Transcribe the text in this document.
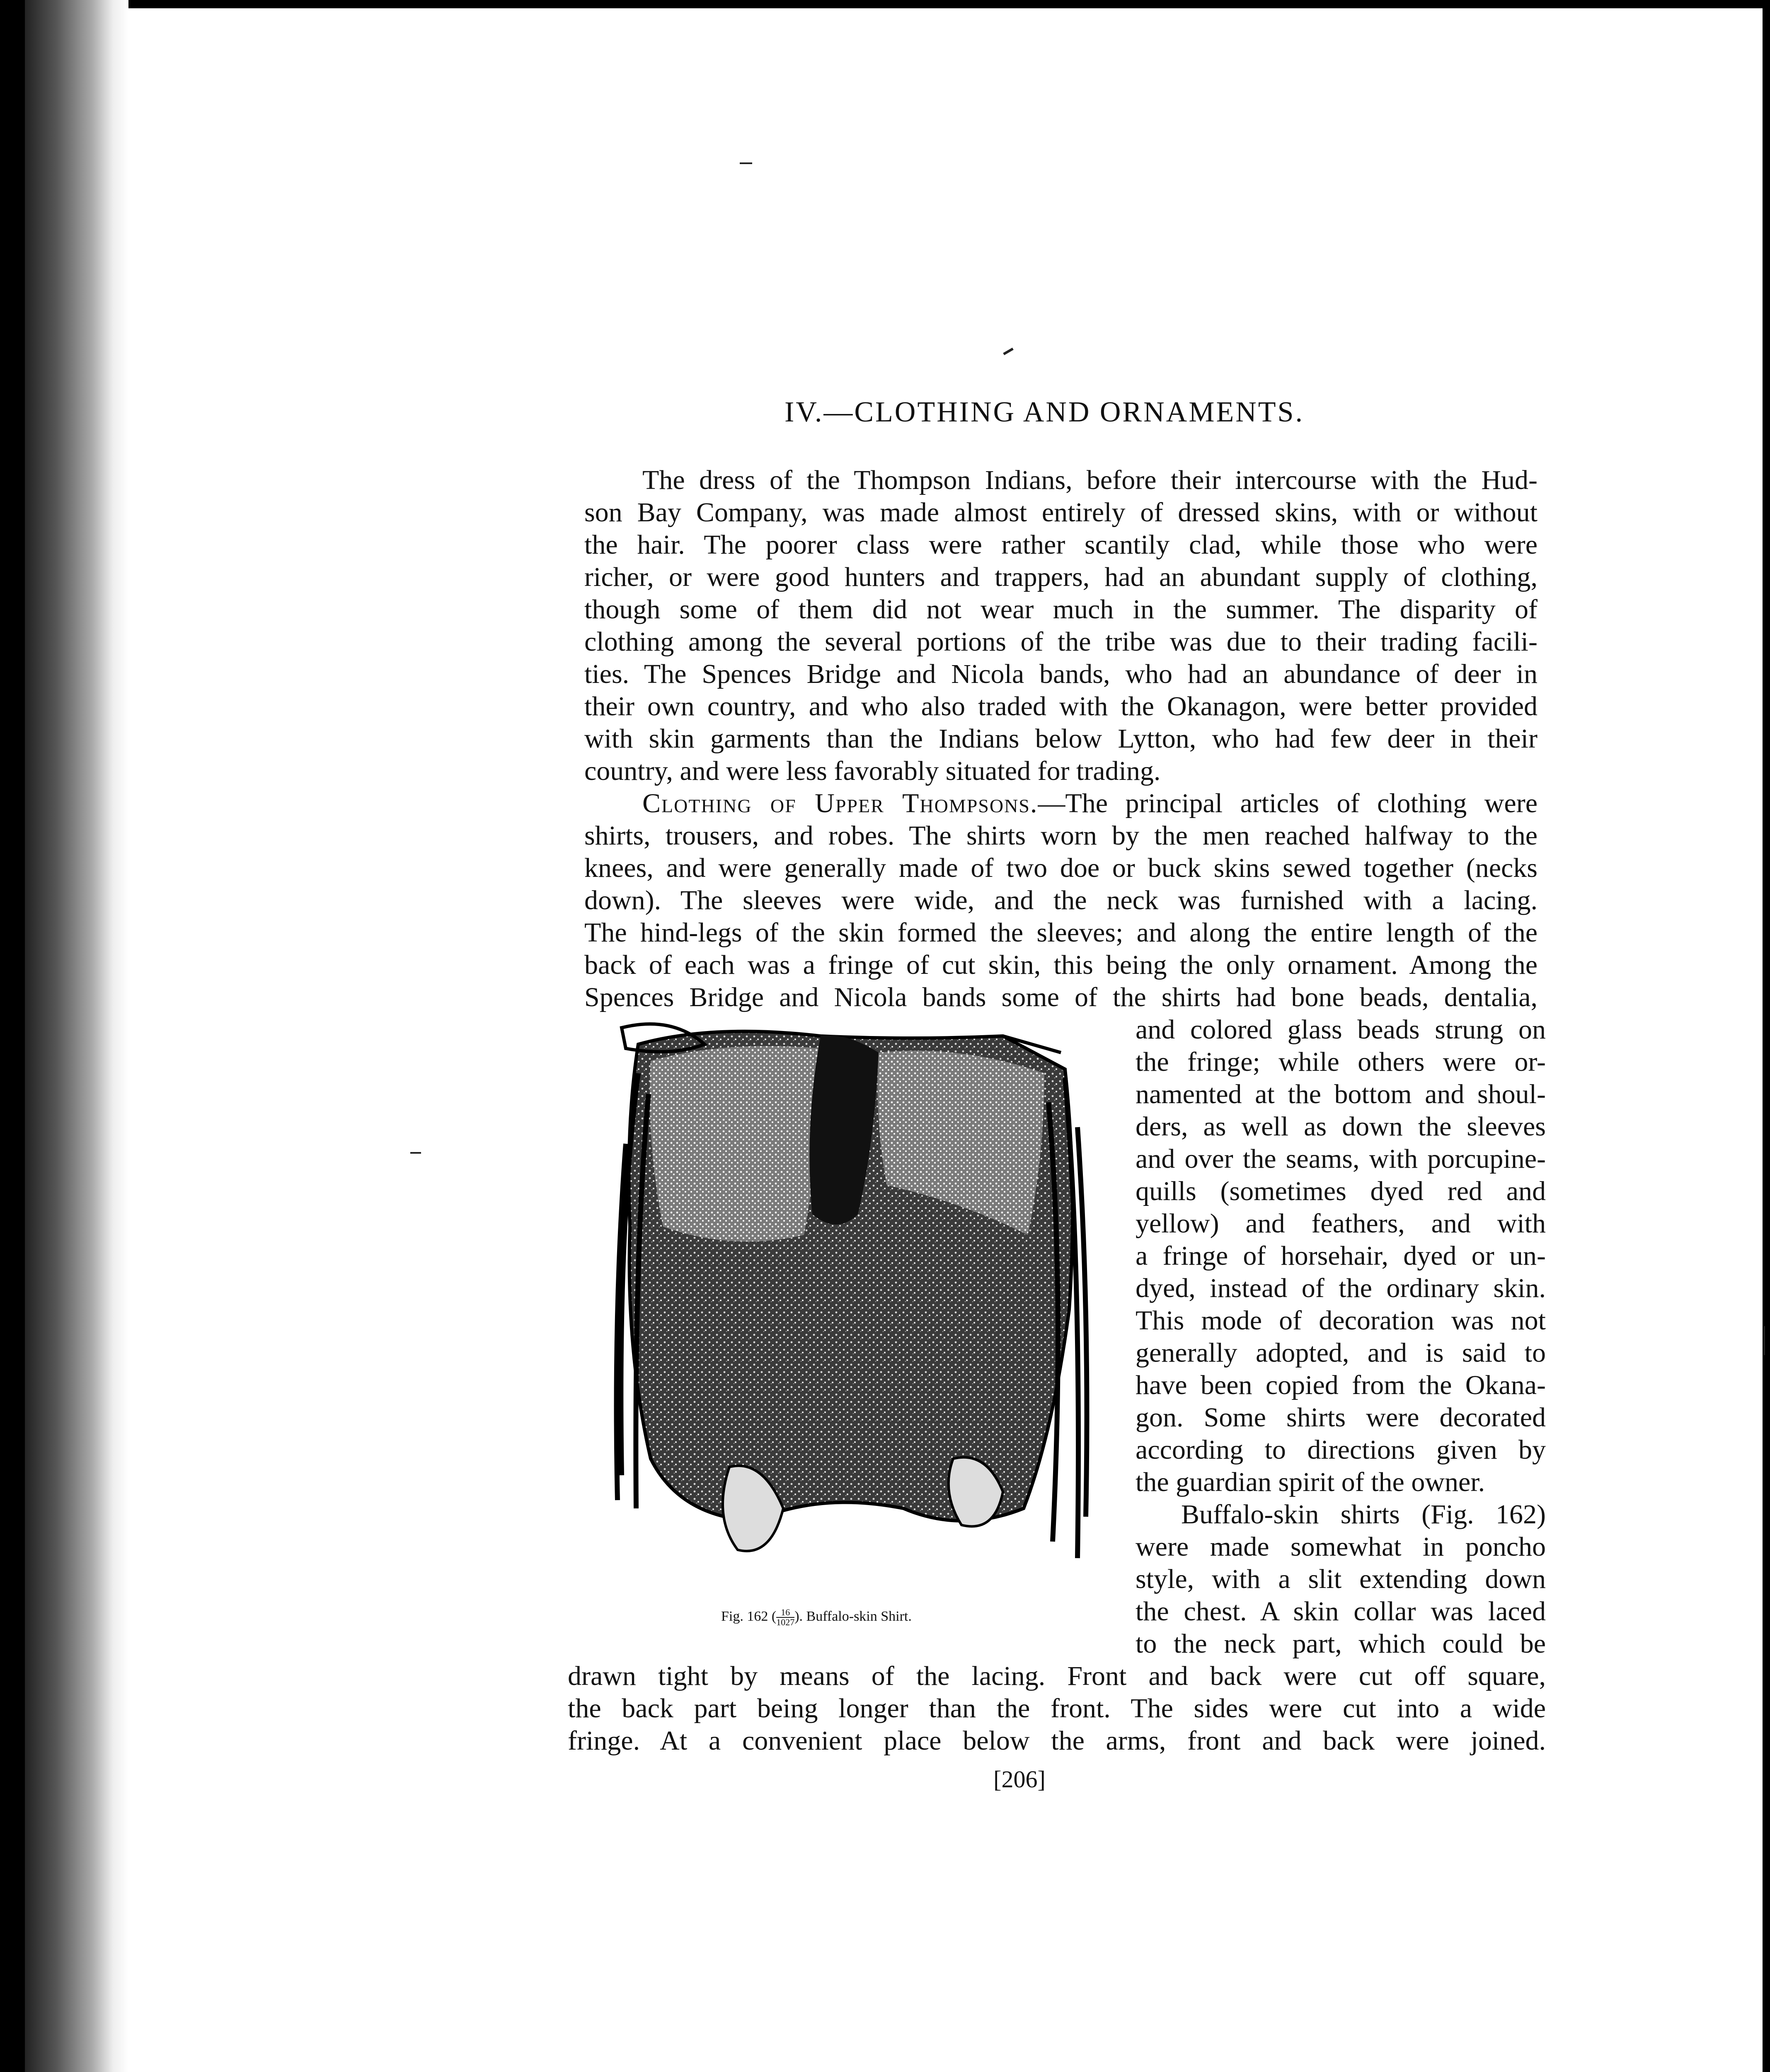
IV.—CLOTHING AND ORNAMENTS.
The dress of the Thompson Indians, before their intercourse with the Hud-
son Bay Company, was made almost entirely of dressed skins, with or without
the hair. The poorer class were rather scantily clad, while those who were
richer, or were good hunters and trappers, had an abundant supply of clothing,
though some of them did not wear much in the summer. The disparity of
clothing among the several portions of the tribe was due to their trading facili-
ties. The Spences Bridge and Nicola bands, who had an abundance of deer in
their own country, and who also traded with the Okanagon, were better provided
with skin garments than the Indians below Lytton, who had few deer in their
country, and were less favorably situated for trading.
Clothing of Upper Thompsons.—The principal articles of clothing were
shirts, trousers, and robes. The shirts worn by the men reached halfway to the
knees, and were generally made of two doe or buck skins sewed together (necks
down). The sleeves were wide, and the neck was furnished with a lacing.
The hind-legs of the skin formed the sleeves; and along the entire length of the
back of each was a fringe of cut skin, this being the only ornament. Among the
Spences Bridge and Nicola bands some of the shirts had bone beads, dentalia,
Fig. 162 ( $\frac{16}{1027}$ ). Buffalo-skin Shirt.
and colored glass beads strung on
the fringe; while others were or-
namented at the bottom and shoul-
ders, as well as down the sleeves
and over the seams, with porcupine-
quills (sometimes dyed red and
yellow) and feathers, and with
a fringe of horsehair, dyed or un-
dyed, instead of the ordinary skin.
This mode of decoration was not
generally adopted, and is said to
have been copied from the Okana-
gon. Some shirts were decorated
according to directions given by
the guardian spirit of the owner.
Buffalo-skin shirts (Fig. 162)
were made somewhat in poncho
style, with a slit extending down
the chest. A skin collar was laced
to the neck part, which could be
drawn tight by means of the lacing. Front and back were cut off square,
the back part being longer than the front. The sides were cut into a wide
fringe. At a convenient place below the arms, front and back were joined.
[206]
